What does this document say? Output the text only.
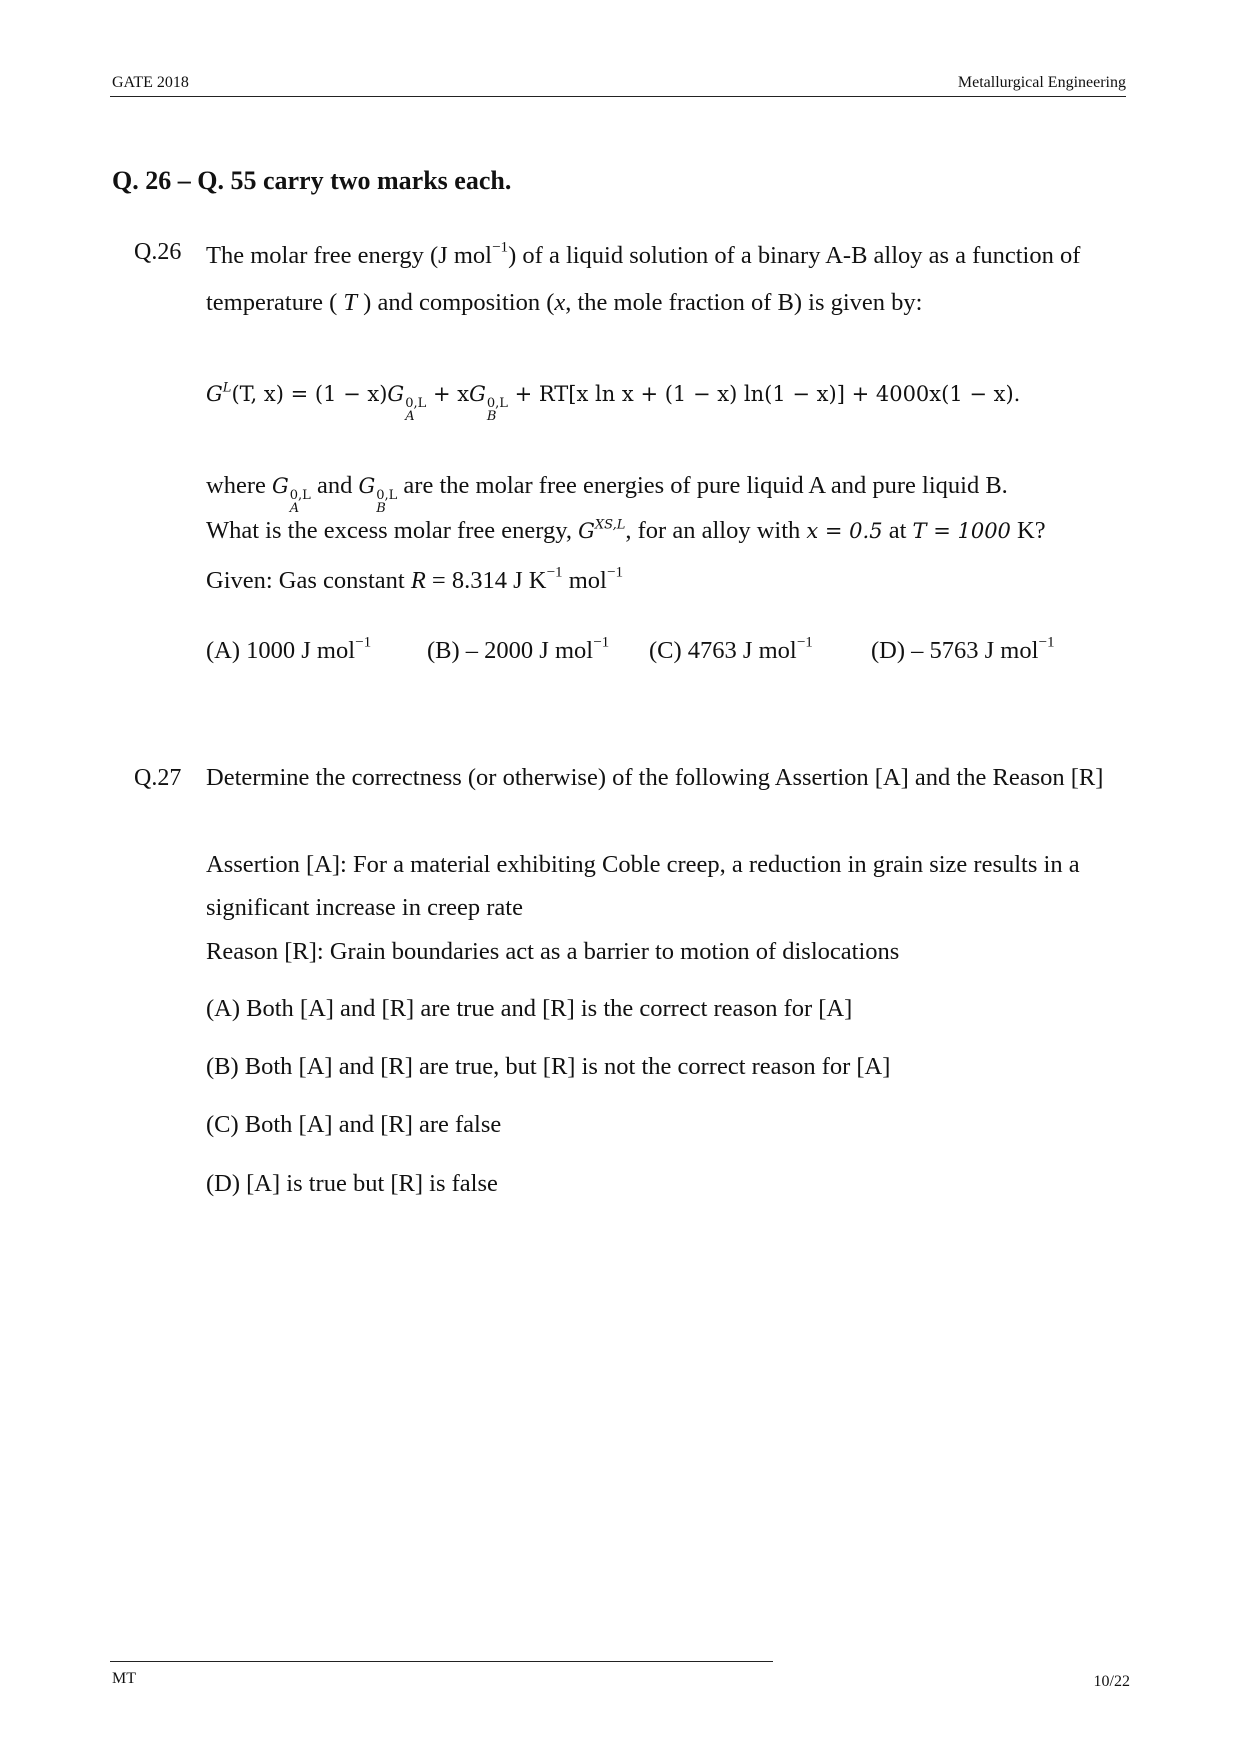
GATE 2018	Metallurgical Engineering
Q. 26 – Q. 55 carry two marks each.
Q.26 The molar free energy (J mol$^{-1}$) of a liquid solution of a binary A-B alloy as a function of
temperature ( T ) and composition (x, the mole fraction of B) is given by:
$G^L(T$, x) = (1 − x)G 0,L
A
+ xG 0,L
B
+ RT[x ln x + (1 − x) ln(1 − x)] + 4000x(1 − x).
where G 0,L
A
and G 0,L
B
are the molar free energies of pure liquid A and pure liquid B.
What is the excess molar free energy, $G^{XS,L}$, for an alloy with x = 0.5 at T = 1000 K?
Given: Gas constant R = 8.314 J $K^{-1}$ mol$^{-1}$
(A) 1000 J mol$^{-1}$ (B) – 2000 J mol$^{-1}$ (C) 4763 J mol$^{-1}$ (D) – 5763 J mol$^{-1}$
Q.27 Determine the correctness (or otherwise) of the following Assertion [A] and the Reason [R]
Assertion [A]: For a material exhibiting Coble creep, a reduction in grain size results in a
significant increase in creep rate
Reason [R]: Grain boundaries act as a barrier to motion of dislocations
(A) Both [A] and [R] are true and [R] is the correct reason for [A]
(B) Both [A] and [R] are true, but [R] is not the correct reason for [A]
(C) Both [A] and [R] are false
(D) [A] is true but [R] is false
MT	10/22
